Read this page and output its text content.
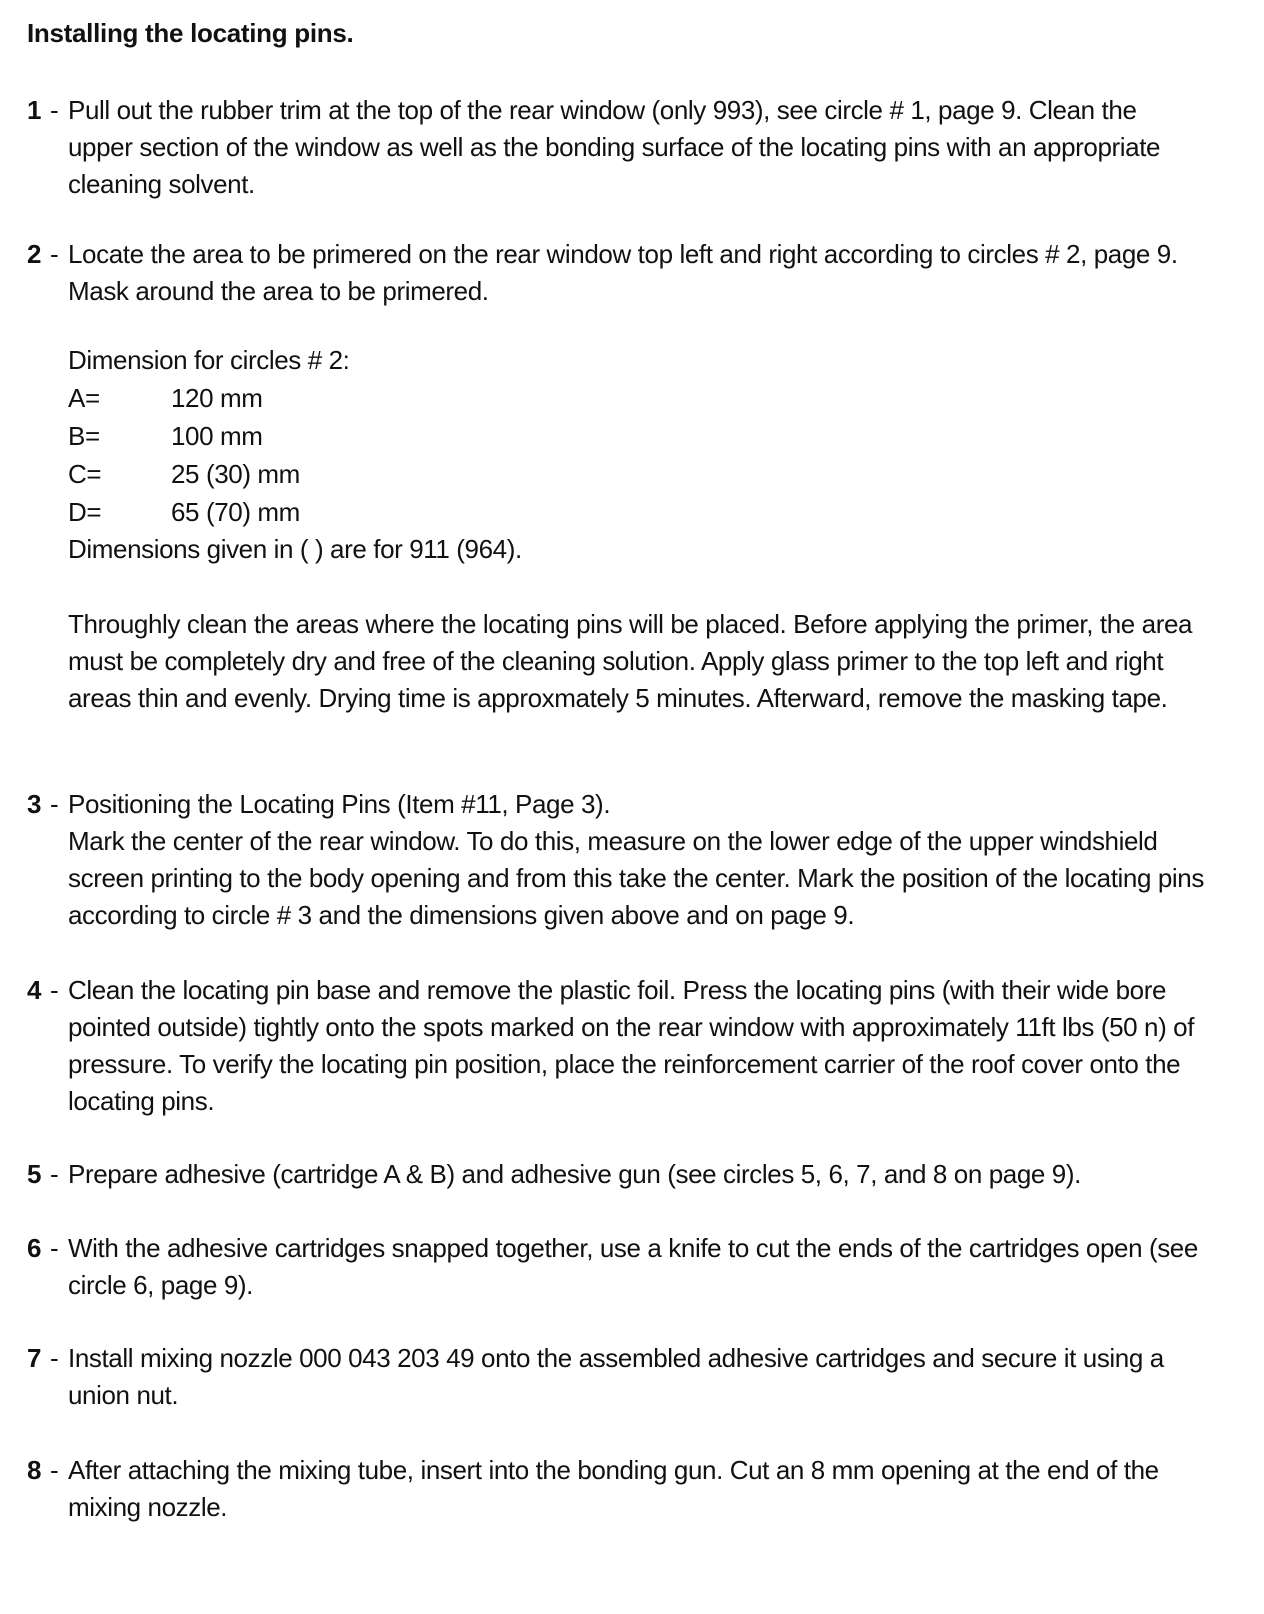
Installing the locating pins.
1 - Pull out the rubber trim at the top of the rear window (only 993), see circle # 1, page 9. Clean the upper section of the window as well as the bonding surface of the locating pins with an appropriate cleaning solvent.

2 - Locate the area to be primered on the rear window top left and right according to circles # 2, page 9. Mask around the area to be primered.

Dimension for circles # 2:

A=	120 mm
B=	100 mm
C=	25 (30) mm
D=	65 (70) mm

Dimensions given in ( ) are for 911 (964).

Throughly clean the areas where the locating pins will be placed. Before applying the primer, the area must be completely dry and free of the cleaning solution. Apply glass primer to the top left and right areas thin and evenly. Drying time is approxmately 5 minutes. Afterward, remove the masking tape.

3 - Positioning the Locating Pins (Item #11, Page 3).

Mark the center of the rear window. To do this, measure on the lower edge of the upper windshield screen printing to the body opening and from this take the center. Mark the position of the locating pins according to circle # 3 and the dimensions given above and on page 9.

4 - Clean the locating pin base and remove the plastic foil. Press the locating pins (with their wide bore pointed outside) tightly onto the spots marked on the rear window with approximately 11ft lbs (50 n) of pressure. To verify the locating pin position, place the reinforcement carrier of the roof cover onto the locating pins.

5 - Prepare adhesive (cartridge A & B) and adhesive gun (see circles 5, 6, 7, and 8 on page 9).

6 - With the adhesive cartridges snapped together, use a knife to cut the ends of the cartridges open (see circle 6, page 9).

7 - Install mixing nozzle 000 043 203 49 onto the assembled adhesive cartridges and secure it using a union nut.

8 - After attaching the mixing tube, insert into the bonding gun. Cut an 8 mm opening at the end of the mixing nozzle.
